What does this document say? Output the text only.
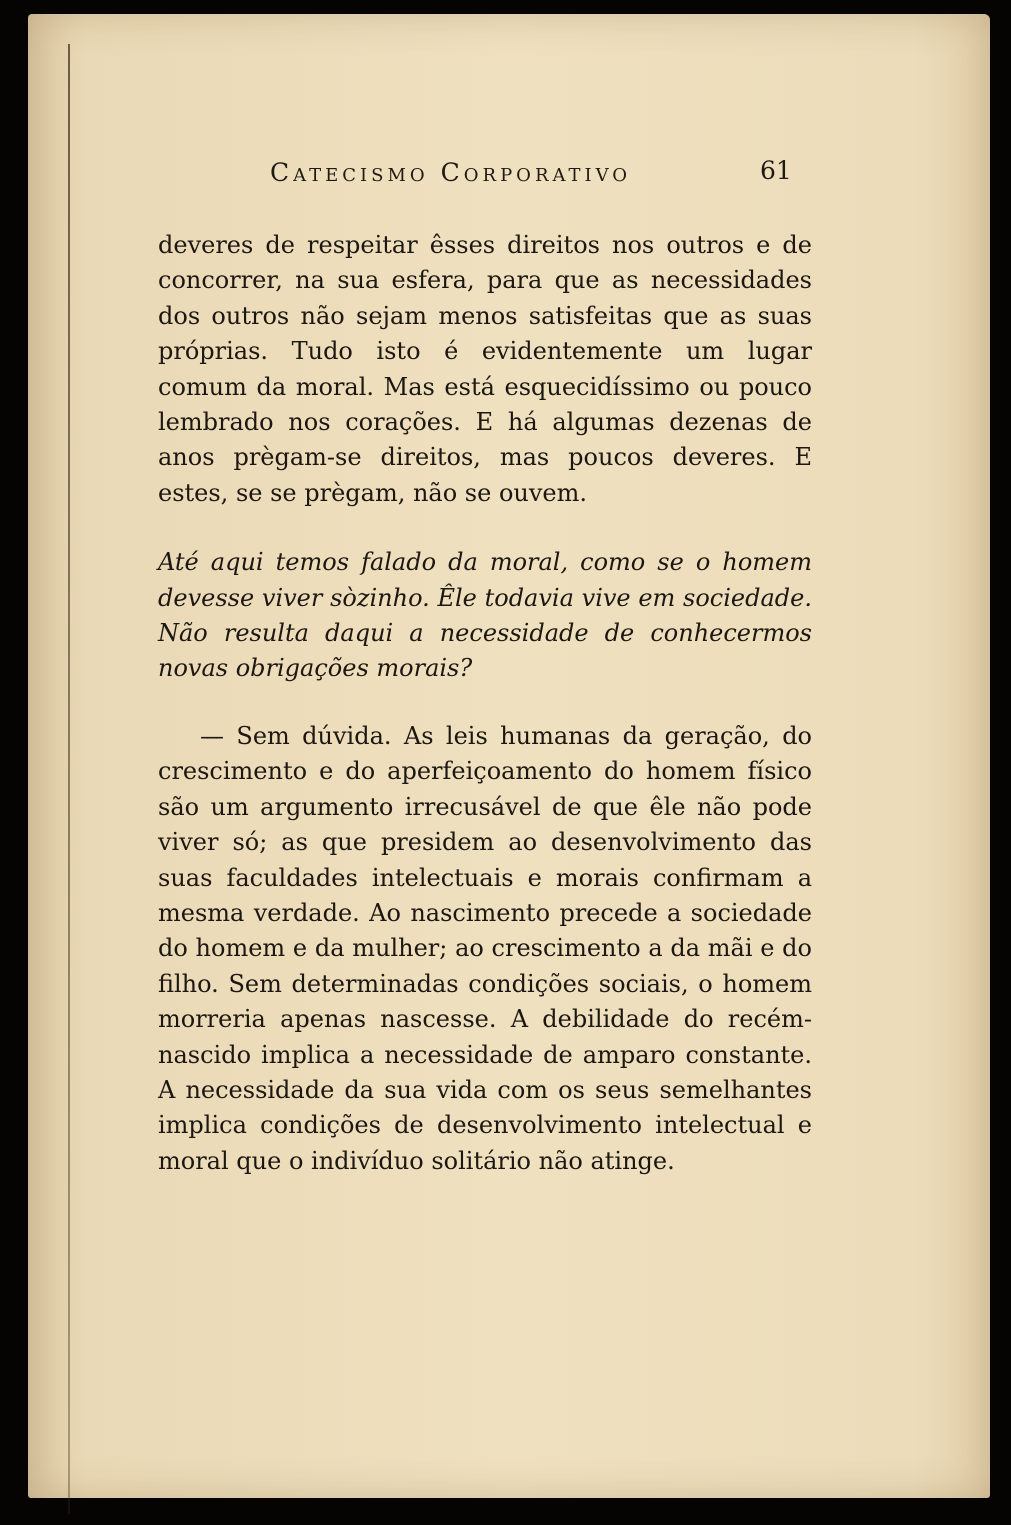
Catecismo Corporativo	61

deveres de respeitar êsses direitos nos outros e de concorrer, na sua esfera, para que as necessidades dos outros não sejam menos satisfeitas que as suas próprias. Tudo isto é evidentemente um lugar comum da moral. Mas está esquecidíssimo ou pouco lembrado nos corações. E há algumas dezenas de anos prègam-se direitos, mas poucos deveres. E estes, se se prègam, não se ouvem.

Até aqui temos falado da moral, como se o homem devesse viver sòzinho. Êle todavia vive em sociedade. Não resulta daqui a necessidade de conhecermos novas obrigações morais?

— Sem dúvida. As leis humanas da geração, do crescimento e do aperfeiçoamento do homem físico são um argumento irrecusável de que êle não pode viver só; as que presidem ao desenvolvimento das suas faculdades intelectuais e morais confirmam a mesma verdade. Ao nascimento precede a sociedade do homem e da mulher; ao crescimento a da mãi e do filho. Sem determinadas condições sociais, o homem morreria apenas nascesse. A debilidade do recém-nascido implica a necessidade de amparo constante. A necessidade da sua vida com os seus semelhantes implica condições de desenvolvimento intelectual e moral que o indivíduo solitário não atinge.
